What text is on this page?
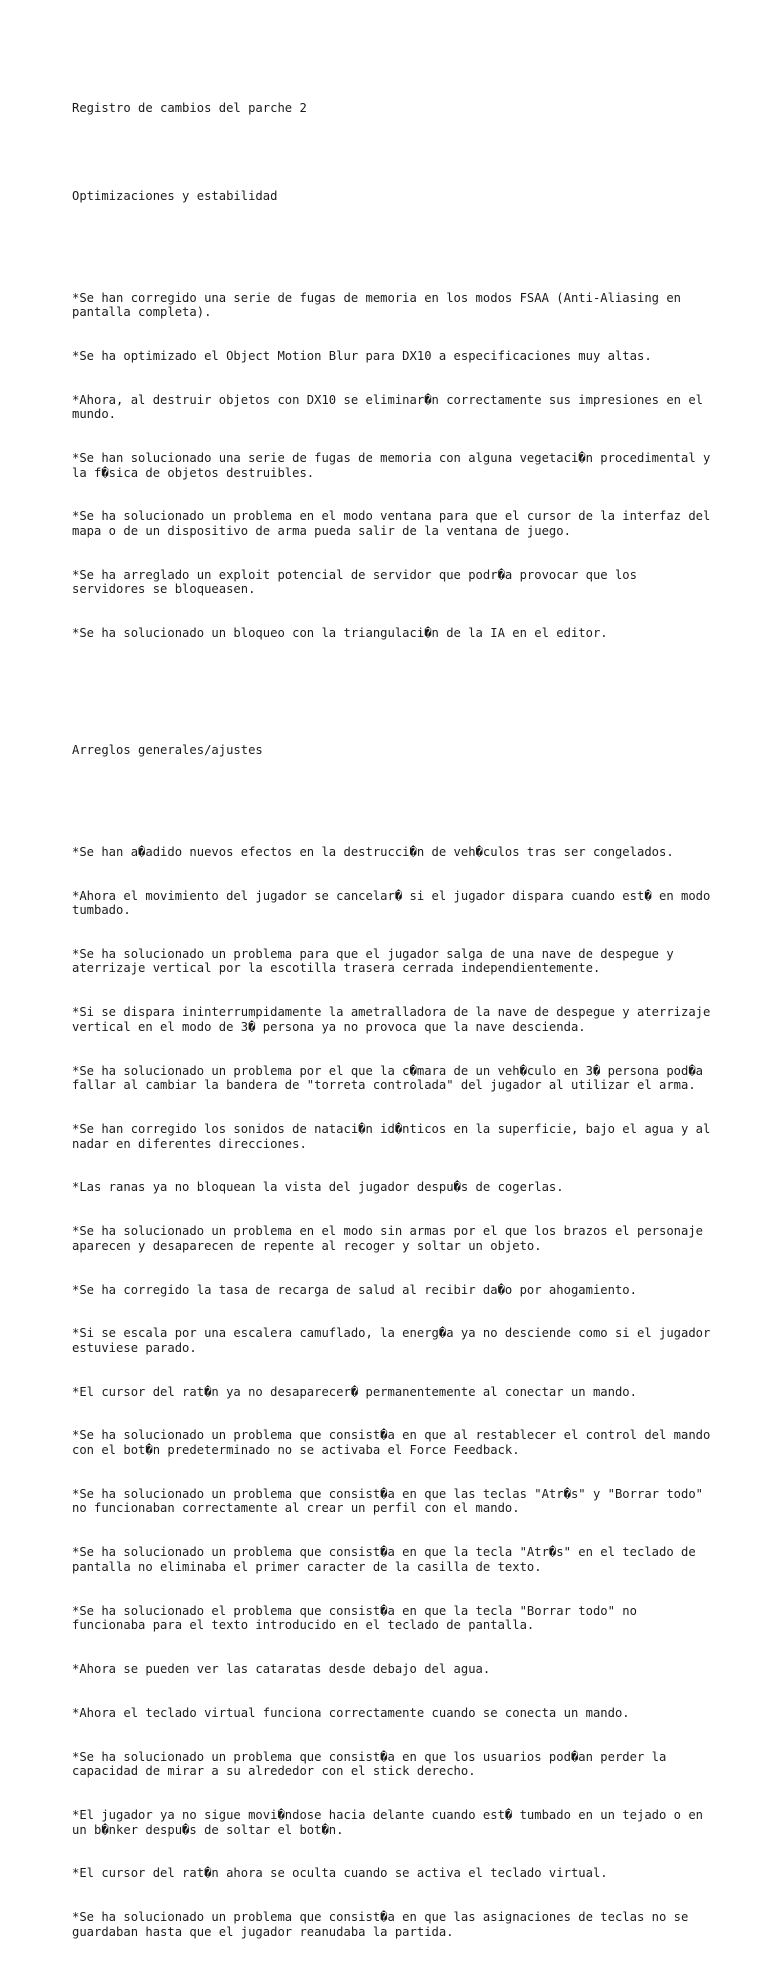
Registro de cambios del parche 2

Optimizaciones y estabilidad

*Se han corregido una serie de fugas de memoria en los modos FSAA (Anti-Aliasing en pantalla completa).

*Se ha optimizado el Object Motion Blur para DX10 a especificaciones muy altas.

*Ahora, al destruir objetos con DX10 se eliminar�n correctamente sus impresiones en el mundo.

*Se han solucionado una serie de fugas de memoria con alguna vegetaci�n procedimental y la f�sica de objetos destruibles.

*Se ha solucionado un problema en el modo ventana para que el cursor de la interfaz del mapa o de un dispositivo de arma pueda salir de la ventana de juego.

*Se ha arreglado un exploit potencial de servidor que podr�a provocar que los servidores se bloqueasen.

*Se ha solucionado un bloqueo con la triangulaci�n de la IA en el editor.

Arreglos generales/ajustes

*Se han a�adido nuevos efectos en la destrucci�n de veh�culos tras ser congelados.

*Ahora el movimiento del jugador se cancelar� si el jugador dispara cuando est� en modo tumbado.

*Se ha solucionado un problema para que el jugador salga de una nave de despegue y aterrizaje vertical por la escotilla trasera cerrada independientemente.

*Si se dispara ininterrumpidamente la ametralladora de la nave de despegue y aterrizaje vertical en el modo de 3� persona ya no provoca que la nave descienda.

*Se ha solucionado un problema por el que la c�mara de un veh�culo en 3� persona pod�a fallar al cambiar la bandera de "torreta controlada" del jugador al utilizar el arma.

*Se han corregido los sonidos de nataci�n id�nticos en la superficie, bajo el agua y al nadar en diferentes direcciones.

*Las ranas ya no bloquean la vista del jugador despu�s de cogerlas.

*Se ha solucionado un problema en el modo sin armas por el que los brazos el personaje aparecen y desaparecen de repente al recoger y soltar un objeto.

*Se ha corregido la tasa de recarga de salud al recibir da�o por ahogamiento.

*Si se escala por una escalera camuflado, la energ�a ya no desciende como si el jugador estuviese parado.

*El cursor del rat�n ya no desaparecer� permanentemente al conectar un mando.

*Se ha solucionado un problema que consist�a en que al restablecer el control del mando con el bot�n predeterminado no se activaba el Force Feedback.

*Se ha solucionado un problema que consist�a en que las teclas "Atr�s" y "Borrar todo" no funcionaban correctamente al crear un perfil con el mando.

*Se ha solucionado un problema que consist�a en que la tecla "Atr�s" en el teclado de pantalla no eliminaba el primer caracter de la casilla de texto.

*Se ha solucionado el problema que consist�a en que la tecla "Borrar todo" no funcionaba para el texto introducido en el teclado de pantalla.

*Ahora se pueden ver las cataratas desde debajo del agua.

*Ahora el teclado virtual funciona correctamente cuando se conecta un mando.

*Se ha solucionado un problema que consist�a en que los usuarios pod�an perder la capacidad de mirar a su alrededor con el stick derecho.

*El jugador ya no sigue movi�ndose hacia delante cuando est� tumbado en un tejado o en un b�nker despu�s de soltar el bot�n.

*El cursor del rat�n ahora se oculta cuando se activa el teclado virtual.

*Se ha solucionado un problema que consist�a en que las asignaciones de teclas no se guardaban hasta que el jugador reanudaba la partida.
